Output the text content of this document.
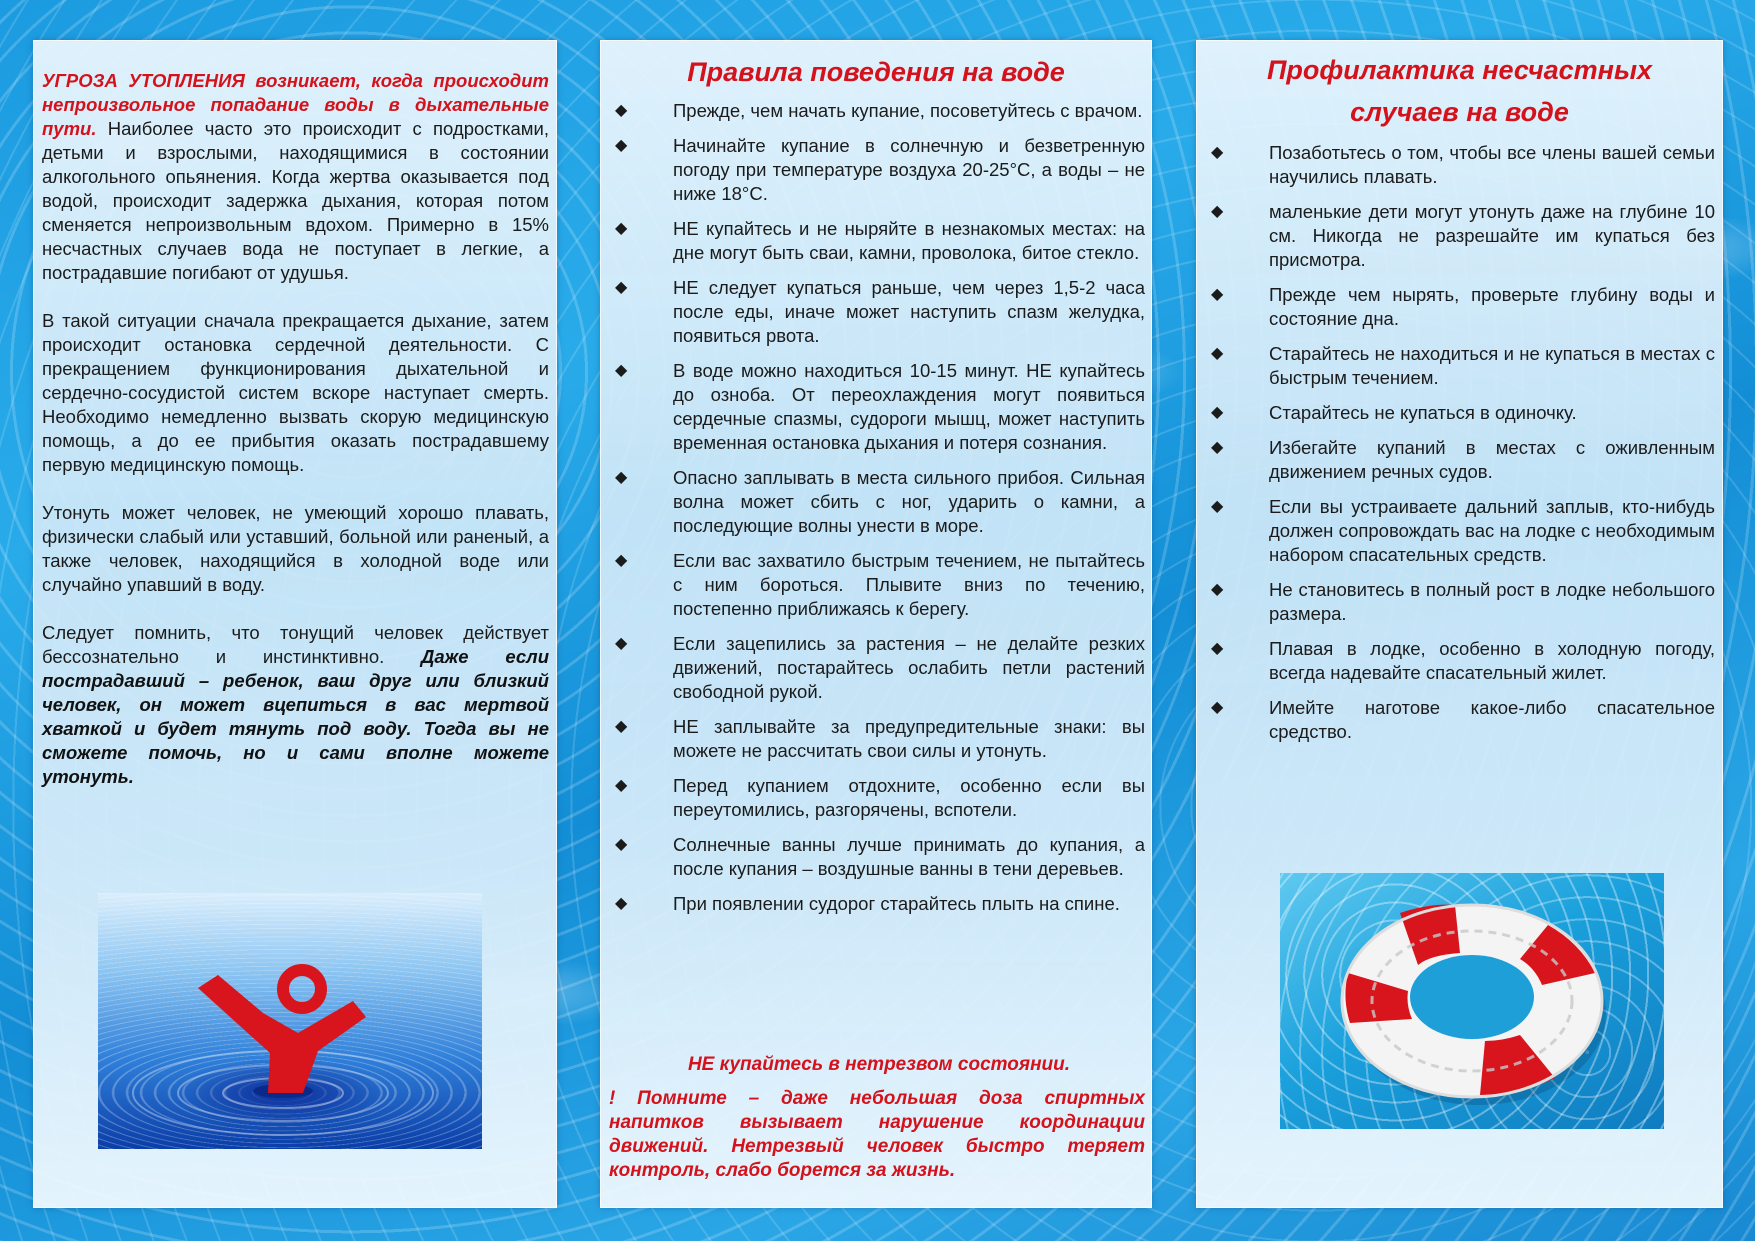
УГРОЗА УТОПЛЕНИЯ возникает, когда происходит непроизвольное попадание воды в дыхательные пути. Наиболее часто это происходит с подростками, детьми и взрослыми, находящимися в состоянии алкогольного опьянения. Когда жертва оказывается под водой, происходит задержка дыхания, которая потом сменяется непроизвольным вдохом. Примерно в 15% несчастных случаев вода не поступает в легкие, а пострадавшие погибают от удушья.

В такой ситуации сначала прекращается дыхание, затем происходит остановка сердечной деятельности. С прекращением функционирования дыхательной и сердечно-сосудистой систем вскоре наступает смерть. Необходимо немедленно вызвать скорую медицинскую помощь, а до ее прибытия оказать пострадавшему первую медицинскую помощь.

Утонуть может человек, не умеющий хорошо плавать, физически слабый или уставший, больной или раненый, а также человек, находящийся в холодной воде или случайно упавший в воду.

Следует помнить, что тонущий человек действует бессознательно и инстинктивно. Даже если пострадавший – ребенок, ваш друг или близкий человек, он может вцепиться в вас мертвой хваткой и будет тянуть под воду. Тогда вы не сможете помочь, но и сами вполне можете утонуть.

Правила поведения на воде
◆	Прежде, чем начать купание, посоветуйтесь с врачом.
◆	Начинайте купание в солнечную и безветренную погоду при температуре воздуха 20-25°С, а воды – не ниже 18°С.
◆	НЕ купайтесь и не ныряйте в незнакомых местах: на дне могут быть сваи, камни, проволока, битое стекло.
◆	НЕ следует купаться раньше, чем через 1,5-2 часа после еды, иначе может наступить спазм желудка, появиться рвота.
◆	В воде можно находиться 10-15 минут. НЕ купайтесь до озноба. От переохлаждения могут появиться сердечные спазмы, судороги мышц, может наступить временная остановка дыхания и потеря сознания.
◆	Опасно заплывать в места сильного прибоя. Сильная волна может сбить с ног, ударить о камни, а последующие волны унести в море.
◆	Если вас захватило быстрым течением, не пытайтесь с ним бороться. Плывите вниз по течению, постепенно приближаясь к берегу.
◆	Если зацепились за растения – не делайте резких движений, постарайтесь ослабить петли растений свободной рукой.
◆	НЕ заплывайте за предупредительные знаки: вы можете не рассчитать свои силы и утонуть.
◆	Перед купанием отдохните, особенно если вы переутомились, разгорячены, вспотели.
◆	Солнечные ванны лучше принимать до купания, а после купания – воздушные ванны в тени деревьев.
◆	При появлении судорог старайтесь плыть на спине.

НЕ купайтесь в нетрезвом состоянии.

! Помните – даже небольшая доза спиртных напитков вызывает нарушение координации движений. Нетрезвый человек быстро теряет контроль, слабо борется за жизнь.

Профилактика несчастных случаев на воде
◆	Позаботьтесь о том, чтобы все члены вашей семьи научились плавать.
◆	маленькие дети могут утонуть даже на глубине 10 см. Никогда не разрешайте им купаться без присмотра.
◆	Прежде чем нырять, проверьте глубину воды и состояние дна.
◆	Старайтесь не находиться и не купаться в местах с быстрым течением.
◆	Старайтесь не купаться в одиночку.
◆	Избегайте купаний в местах с оживленным движением речных судов.
◆	Если вы устраиваете дальний заплыв, кто-нибудь должен сопровождать вас на лодке с необходимым набором спасательных средств.
◆	Не становитесь в полный рост в лодке небольшого размера.
◆	Плавая в лодке, особенно в холодную погоду, всегда надевайте спасательный жилет.
◆	Имейте наготове какое-либо спасательное средство.
